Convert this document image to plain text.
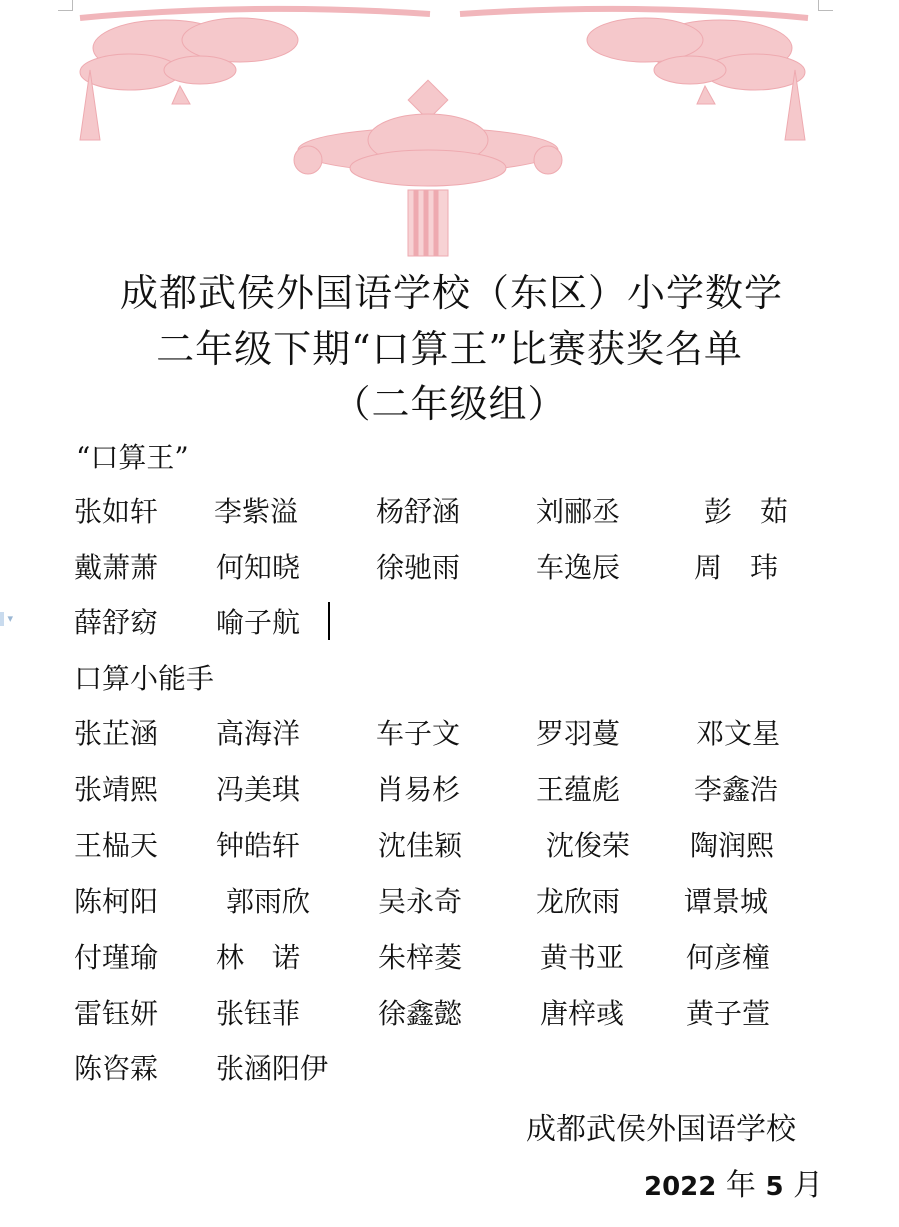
▾
成都武侯外国语学校（东区）小学数学
二年级下期“口算王”比赛获奖名单
（二年级组）
“口算王”
张如轩 李紫溢	杨舒涵	刘郦丞	彭　茹
戴萧萧 何知晓	徐驰雨	车逸辰	周　玮
薛舒窈 喻子航
口算小能手
张芷涵 高海洋	车子文	罗羽蔓	邓文星
张靖熙 冯美琪	肖易杉	王蕴彪	李鑫浩
王榀天 钟皓轩	沈佳颖	沈俊荣 陶润熙
陈柯阳 郭雨欣 吴永奇	龙欣雨 谭景城
付瑾瑜 林　诺	朱梓菱	黄书亚 何彦橦
雷钰妍 张钰菲	徐鑫懿	唐梓彧 黄子萱
陈咨霖 张涵阳伊
成都武侯外国语学校
2022 年 5 月
